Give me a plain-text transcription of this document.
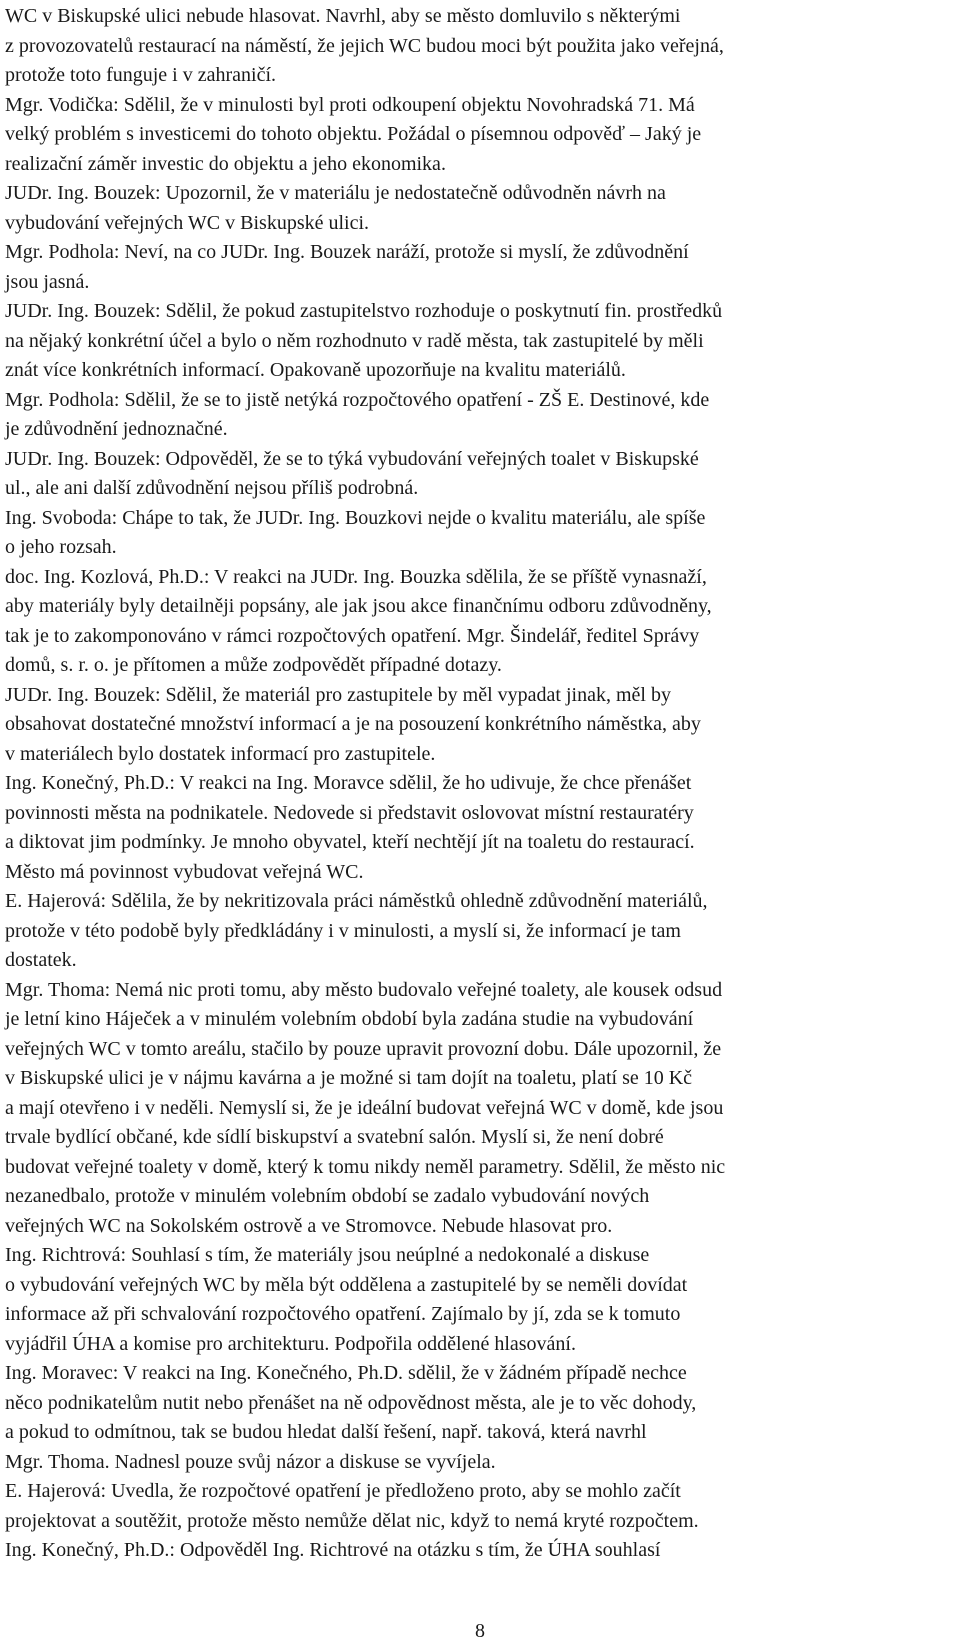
WC v Biskupské ulici nebude hlasovat. Navrhl, aby se město domluvilo s některými
z provozovatelů restaurací na náměstí, že jejich WC budou moci být použita jako veřejná,
protože toto funguje i v zahraničí.

Mgr. Vodička: Sdělil, že v minulosti byl proti odkoupení objektu Novohradská 71. Má
velký problém s investicemi do tohoto objektu. Požádal o písemnou odpověď – Jaký je
realizační záměr investic do objektu a jeho ekonomika.

JUDr. Ing. Bouzek: Upozornil, že v materiálu je nedostatečně odůvodněn návrh na
vybudování veřejných WC v Biskupské ulici.

Mgr. Podhola: Neví, na co JUDr. Ing. Bouzek naráží, protože si myslí, že zdůvodnění
jsou jasná.

JUDr. Ing. Bouzek: Sdělil, že pokud zastupitelstvo rozhoduje o poskytnutí fin. prostředků
na nějaký konkrétní účel a bylo o něm rozhodnuto v radě města, tak zastupitelé by měli
znát více konkrétních informací. Opakovaně upozorňuje na kvalitu materiálů.

Mgr. Podhola: Sdělil, že se to jistě netýká rozpočtového opatření - ZŠ E. Destinové, kde
je zdůvodnění jednoznačné.

JUDr. Ing. Bouzek: Odpověděl, že se to týká vybudování veřejných toalet v Biskupské
ul., ale ani další zdůvodnění nejsou příliš podrobná.

Ing. Svoboda: Chápe to tak, že JUDr. Ing. Bouzkovi nejde o kvalitu materiálu, ale spíše
o jeho rozsah.

doc. Ing. Kozlová, Ph.D.: V reakci na JUDr. Ing. Bouzka sdělila, že se příště vynasnaží,
aby materiály byly detailněji popsány, ale jak jsou akce finančnímu odboru zdůvodněny,
tak je to zakomponováno v rámci rozpočtových opatření. Mgr. Šindelář, ředitel Správy
domů, s. r. o. je přítomen a může zodpovědět případné dotazy.

JUDr. Ing. Bouzek: Sdělil, že materiál pro zastupitele by měl vypadat jinak, měl by
obsahovat dostatečné množství informací a je na posouzení konkrétního náměstka, aby
v materiálech bylo dostatek informací pro zastupitele.

Ing. Konečný, Ph.D.: V reakci na Ing. Moravce sdělil, že ho udivuje, že chce přenášet
povinnosti města na podnikatele. Nedovede si představit oslovovat místní restauratéry
a diktovat jim podmínky. Je mnoho obyvatel, kteří nechtějí jít na toaletu do restaurací.
Město má povinnost vybudovat veřejná WC.

E. Hajerová: Sdělila, že by nekritizovala práci náměstků ohledně zdůvodnění materiálů,
protože v této podobě byly předkládány i v minulosti, a myslí si, že informací je tam
dostatek.

Mgr. Thoma: Nemá nic proti tomu, aby město budovalo veřejné toalety, ale kousek odsud
je letní kino Háječek a v minulém volebním období byla zadána studie na vybudování
veřejných WC v tomto areálu, stačilo by pouze upravit provozní dobu. Dále upozornil, že
v Biskupské ulici je v nájmu kavárna a je možné si tam dojít na toaletu, platí se 10 Kč
a mají otevřeno i v neděli. Nemyslí si, že je ideální budovat veřejná WC v domě, kde jsou
trvale bydlící občané, kde sídlí biskupství a svatební salón. Myslí si, že není dobré
budovat veřejné toalety v domě, který k tomu nikdy neměl parametry. Sdělil, že město nic
nezanedbalo, protože v minulém volebním období se zadalo vybudování nových
veřejných WC na Sokolském ostrově a ve Stromovce. Nebude hlasovat pro.

Ing. Richtrová: Souhlasí s tím, že materiály jsou neúplné a nedokonalé a diskuse
o vybudování veřejných WC by měla být oddělena a zastupitelé by se neměli dovídat
informace až při schvalování rozpočtového opatření. Zajímalo by jí, zda se k tomuto
vyjádřil ÚHA a komise pro architekturu. Podpořila oddělené hlasování.

Ing. Moravec: V reakci na Ing. Konečného, Ph.D. sdělil, že v žádném případě nechce
něco podnikatelům nutit nebo přenášet na ně odpovědnost města, ale je to věc dohody,
a pokud to odmítnou, tak se budou hledat další řešení, např. taková, která navrhl
Mgr. Thoma. Nadnesl pouze svůj názor a diskuse se vyvíjela.

E. Hajerová: Uvedla, že rozpočtové opatření je předloženo proto, aby se mohlo začít
projektovat a soutěžit, protože město nemůže dělat nic, když to nemá kryté rozpočtem.

Ing. Konečný, Ph.D.: Odpověděl Ing. Richtrové na otázku s tím, že ÚHA souhlasí

8
